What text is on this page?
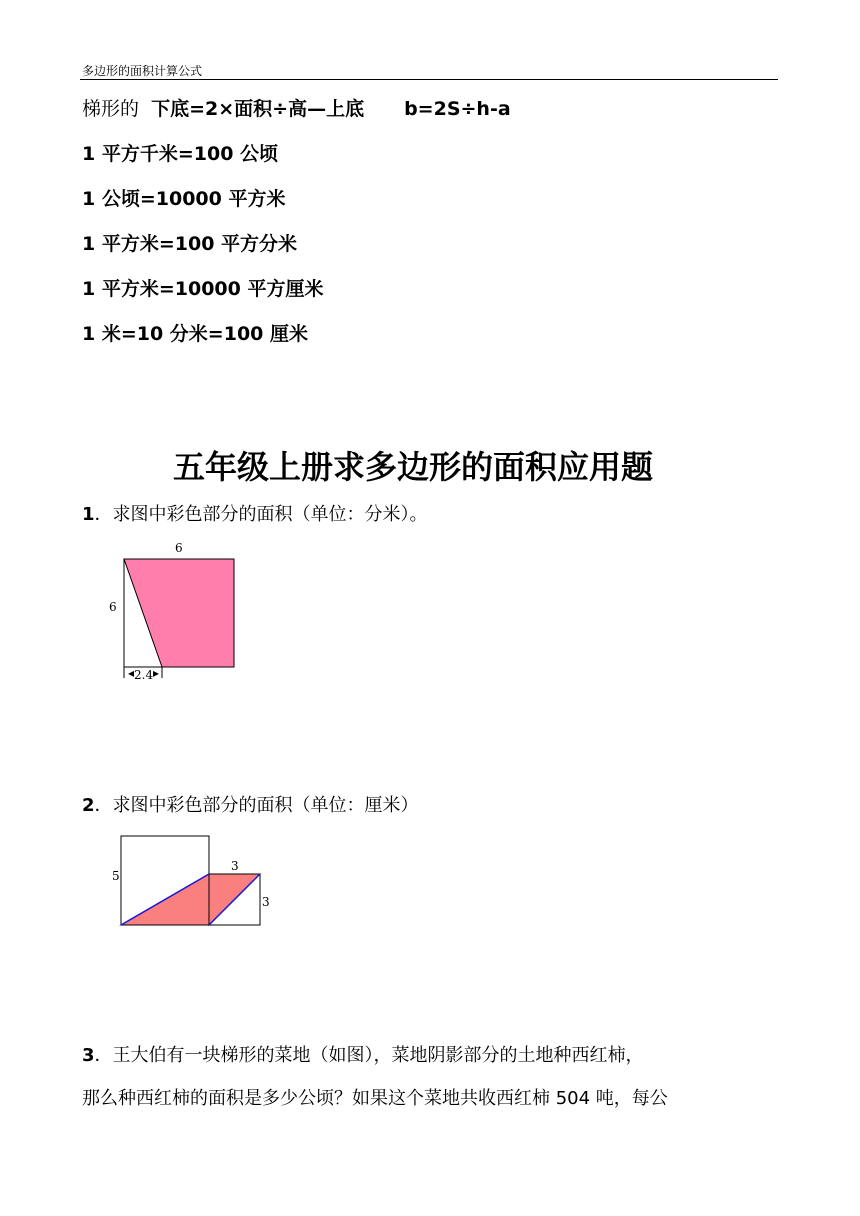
多边形的面积计算公式
梯形的  下底=2×面积÷高—上底 b=2S÷h-a
1 平方千米=100 公顷
1 公顷=10000 平方米
1 平方米=100 平方分米
1 平方米=10000 平方厘米
1 米=10 分米=100 厘米
五年级上册求多边形的面积应用题
1．求图中彩色部分的面积（单位：分米）。
◂ ▸
6
6
2.4
2．求图中彩色部分的面积（单位：厘米）
5
3
3
3．王大伯有一块梯形的菜地（如图），菜地阴影部分的土地种西红柿，
那么种西红柿的面积是多少公顷？如果这个菜地共收西红柿 504 吨，每公
